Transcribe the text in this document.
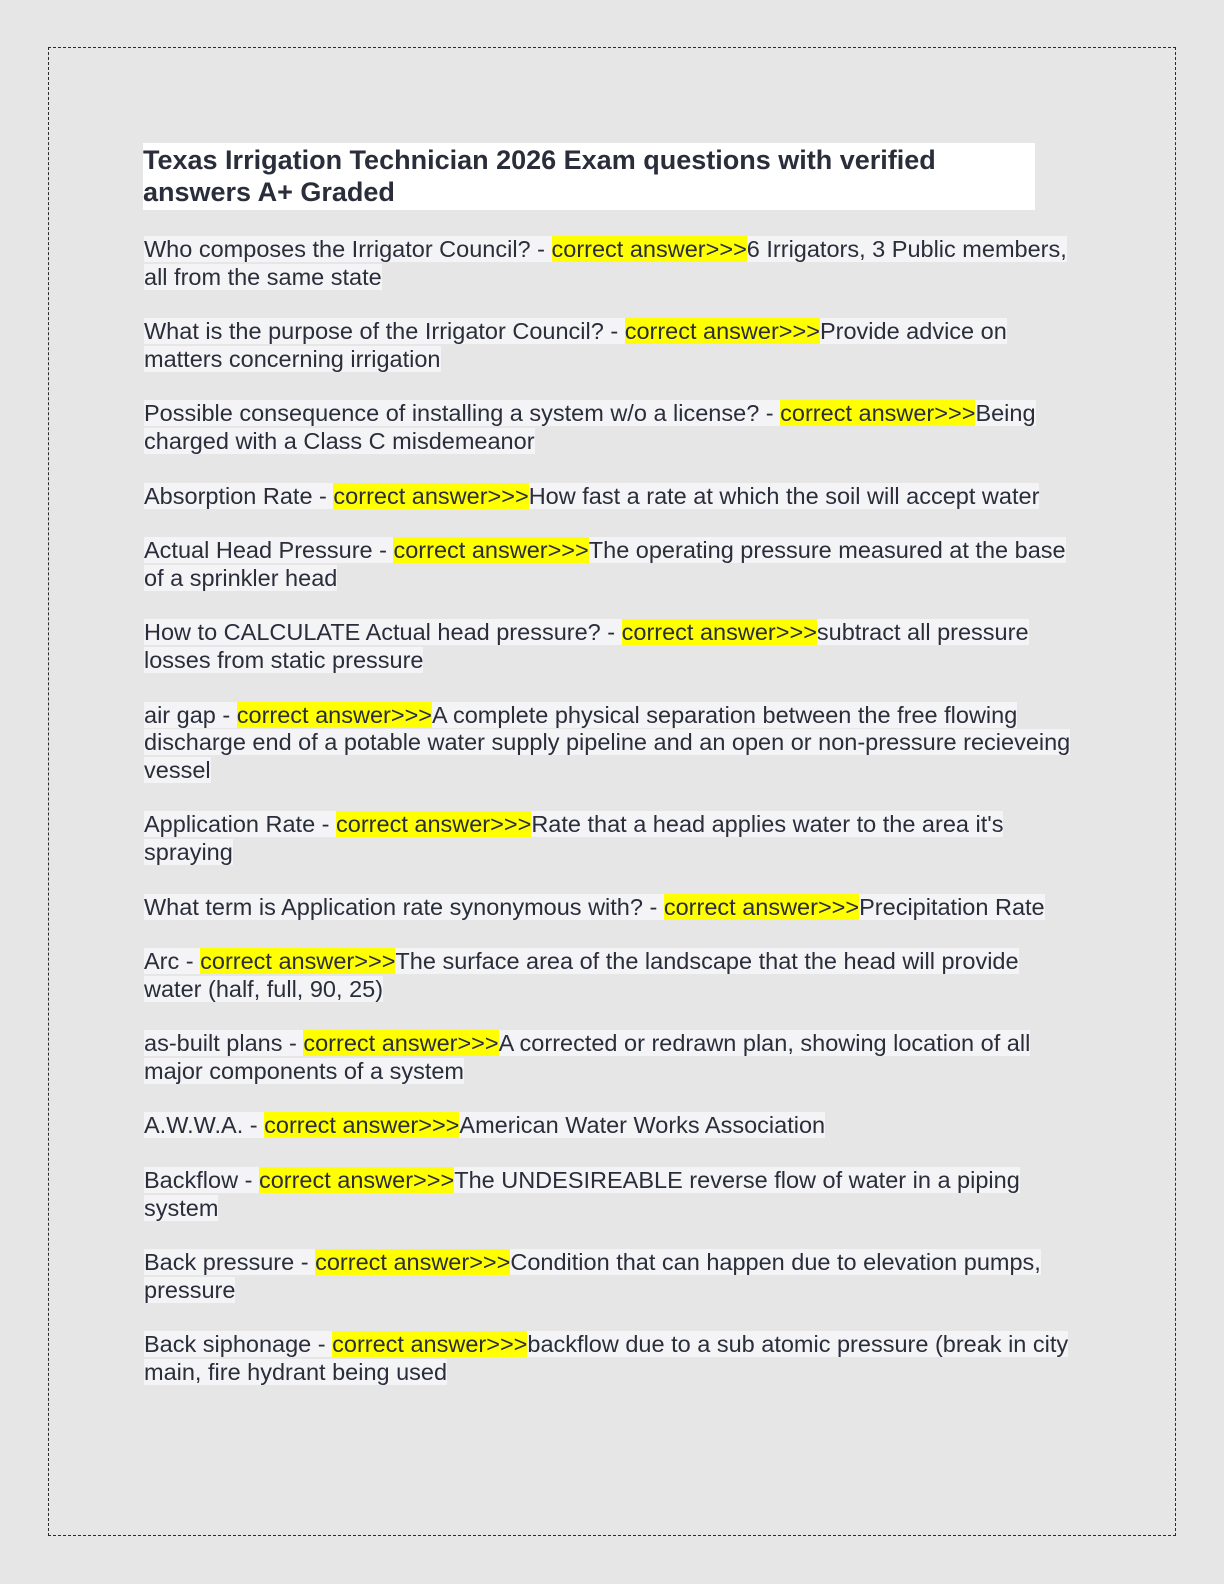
Texas Irrigation Technician 2026 Exam questions with verified answers A+ Graded

Who composes the Irrigator Council? - correct answer>>>6 Irrigators, 3 Public members, all from the same state

What is the purpose of the Irrigator Council? - correct answer>>>Provide advice on matters concerning irrigation

Possible consequence of installing a system w/o a license? - correct answer>>>Being charged with a Class C misdemeanor

Absorption Rate - correct answer>>>How fast a rate at which the soil will accept water

Actual Head Pressure - correct answer>>>The operating pressure measured at the base of a sprinkler head

How to CALCULATE Actual head pressure? - correct answer>>>subtract all pressure losses from static pressure

air gap - correct answer>>>A complete physical separation between the free flowing discharge end of a potable water supply pipeline and an open or non-pressure recieveing vessel

Application Rate - correct answer>>>Rate that a head applies water to the area it's spraying

What term is Application rate synonymous with? - correct answer>>>Precipitation Rate

Arc - correct answer>>>The surface area of the landscape that the head will provide water (half, full, 90, 25)

as-built plans - correct answer>>>A corrected or redrawn plan, showing location of all major components of a system

A.W.W.A. - correct answer>>>American Water Works Association

Backflow - correct answer>>>The UNDESIREABLE reverse flow of water in a piping system

Back pressure - correct answer>>>Condition that can happen due to elevation pumps, pressure

Back siphonage - correct answer>>>backflow due to a sub atomic pressure (break in city main, fire hydrant being used
